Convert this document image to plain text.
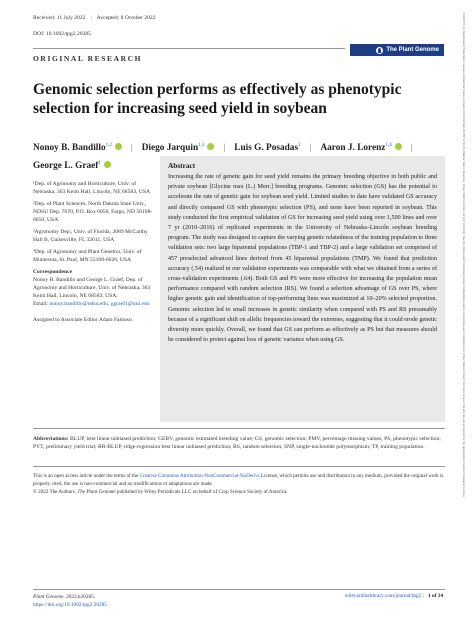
Received: 11 July 2022 | Accepted: 8 October 2022
DOI: 10.1002/tpg2.20285
The Plant Genome
ORIGINAL RESEARCH
Genomic selection performs as effectively as phenotypic selection for increasing seed yield in soybean
Nonoy B. Bandillo$^{1,2}$ | Diego Jarquin$^{1,3}$ | Luis G. Posadas$^1$ | Aaron J. Lorenz$^{1,4}$ |
George L. Graef$^1$
¹Dep. of Agronomy and Horticulture, Univ. of Nebraska, 363 Keim Hall, Lincoln, NE 68583, USA
²Dep. of Plant Sciences, North Dakota State Univ., NDSU Dep. 7670, P.O. Box 6050, Fargo, ND 58108-6050, USA
³Agronomy Dep., Univ. of Florida, 2089 McCarthy Hall B, Gainesville, FL 32611, USA
⁴Dep. of Agronomy and Plant Genetics, Univ. of Minnesota, St. Paul, MN 55108-6026, USA
Correspondence
Nonoy B. Bandillo and George L. Graef, Dep. of Agronomy and Horticulture, Univ. of Nebraska, 363 Keim Hall, Lincoln, NE 68583, USA.
Email: nonoy.bandillo@ndsu.edu, ggraef1@unl.edu
Assigned to Associate Editor Adam Famoso.
Abstract
Increasing the rate of genetic gain for seed yield remains the primary breeding objective in both public and private soybean [Glycine max (L.) Merr.] breeding programs. Genomic selection (GS) has the potential to accelerate the rate of genetic gain for soybean seed yield. Limited studies to date have validated GS accuracy and directly compared GS with phenotypic selection (PS), and none have been reported in soybean. This study conducted the first empirical validation of GS for increasing seed yield using over 1,500 lines and over 7 yr (2010–2016) of replicated experiments in the University of Nebraska–Lincoln soybean breeding program. The study was designed to capture the varying genetic relatedness of the training population to three validation sets: two large biparental populations (TBP-1 and TBP-2) and a large validation set comprised of 457 preselected advanced lines derived from 45 biparental populations (TMP). We found that prediction accuracy (.54) realized in our validation experiments was comparable with what we obtained from a series of cross-validation experiments (.64). Both GS and PS were more effective for increasing the population mean performance compared with random selection (RS). We found a selection advantage of GS over PS, where higher genetic gain and identification of top-performing lines was maximized at 10–20% selected proportion. Genomic selection led to small increases in genetic similarity when compared with PS and RS presumably because of a significant shift on allelic frequencies toward the extremes, suggesting that it could erode genetic diversity more quickly. Overall, we found that GS can perform as effectively as PS but that measures should be considered to protect against loss of genetic variance when using GS.
Abbreviations: BLUP, best linear unbiased prediction; GEBV, genomic estimated breeding value; GS, genomic selection; PMV, percentage missing values; PS, phenotypic selection; PYT, preliminary yield trial; RR-BLUP, ridge-regression best linear unbiased prediction; RS, random selection; SNP, single-nucleotide polymorphism; TP, training population.
This is an open access article under the terms of the Creative Commons Attribution-NonCommercial-NoDerivs License, which permits use and distribution in any medium, provided the original work is properly cited, the use is non-commercial and no modifications or adaptations are made.
© 2022 The Authors. The Plant Genome published by Wiley Periodicals LLC on behalf of Crop Science Society of America.
Plant Genome. 2022;e20285.
https://doi.org/10.1002/tpg2.20285
wileyonlinelibrary.com/journal/tpg2 | 1 of 14
19403372, 0, Downloaded from https://acsess.onlinelibrary.wiley.com/doi/10.1002/tpg2.20285 by North Dakota State University, Wiley Online Library on [22/12/2022]. See the Terms and Conditions (https://onlinelibrary.wiley.com/terms-and-conditions) on Wiley Online Library for rules of use; OA articles are governed by the applicable Creative Commons License
